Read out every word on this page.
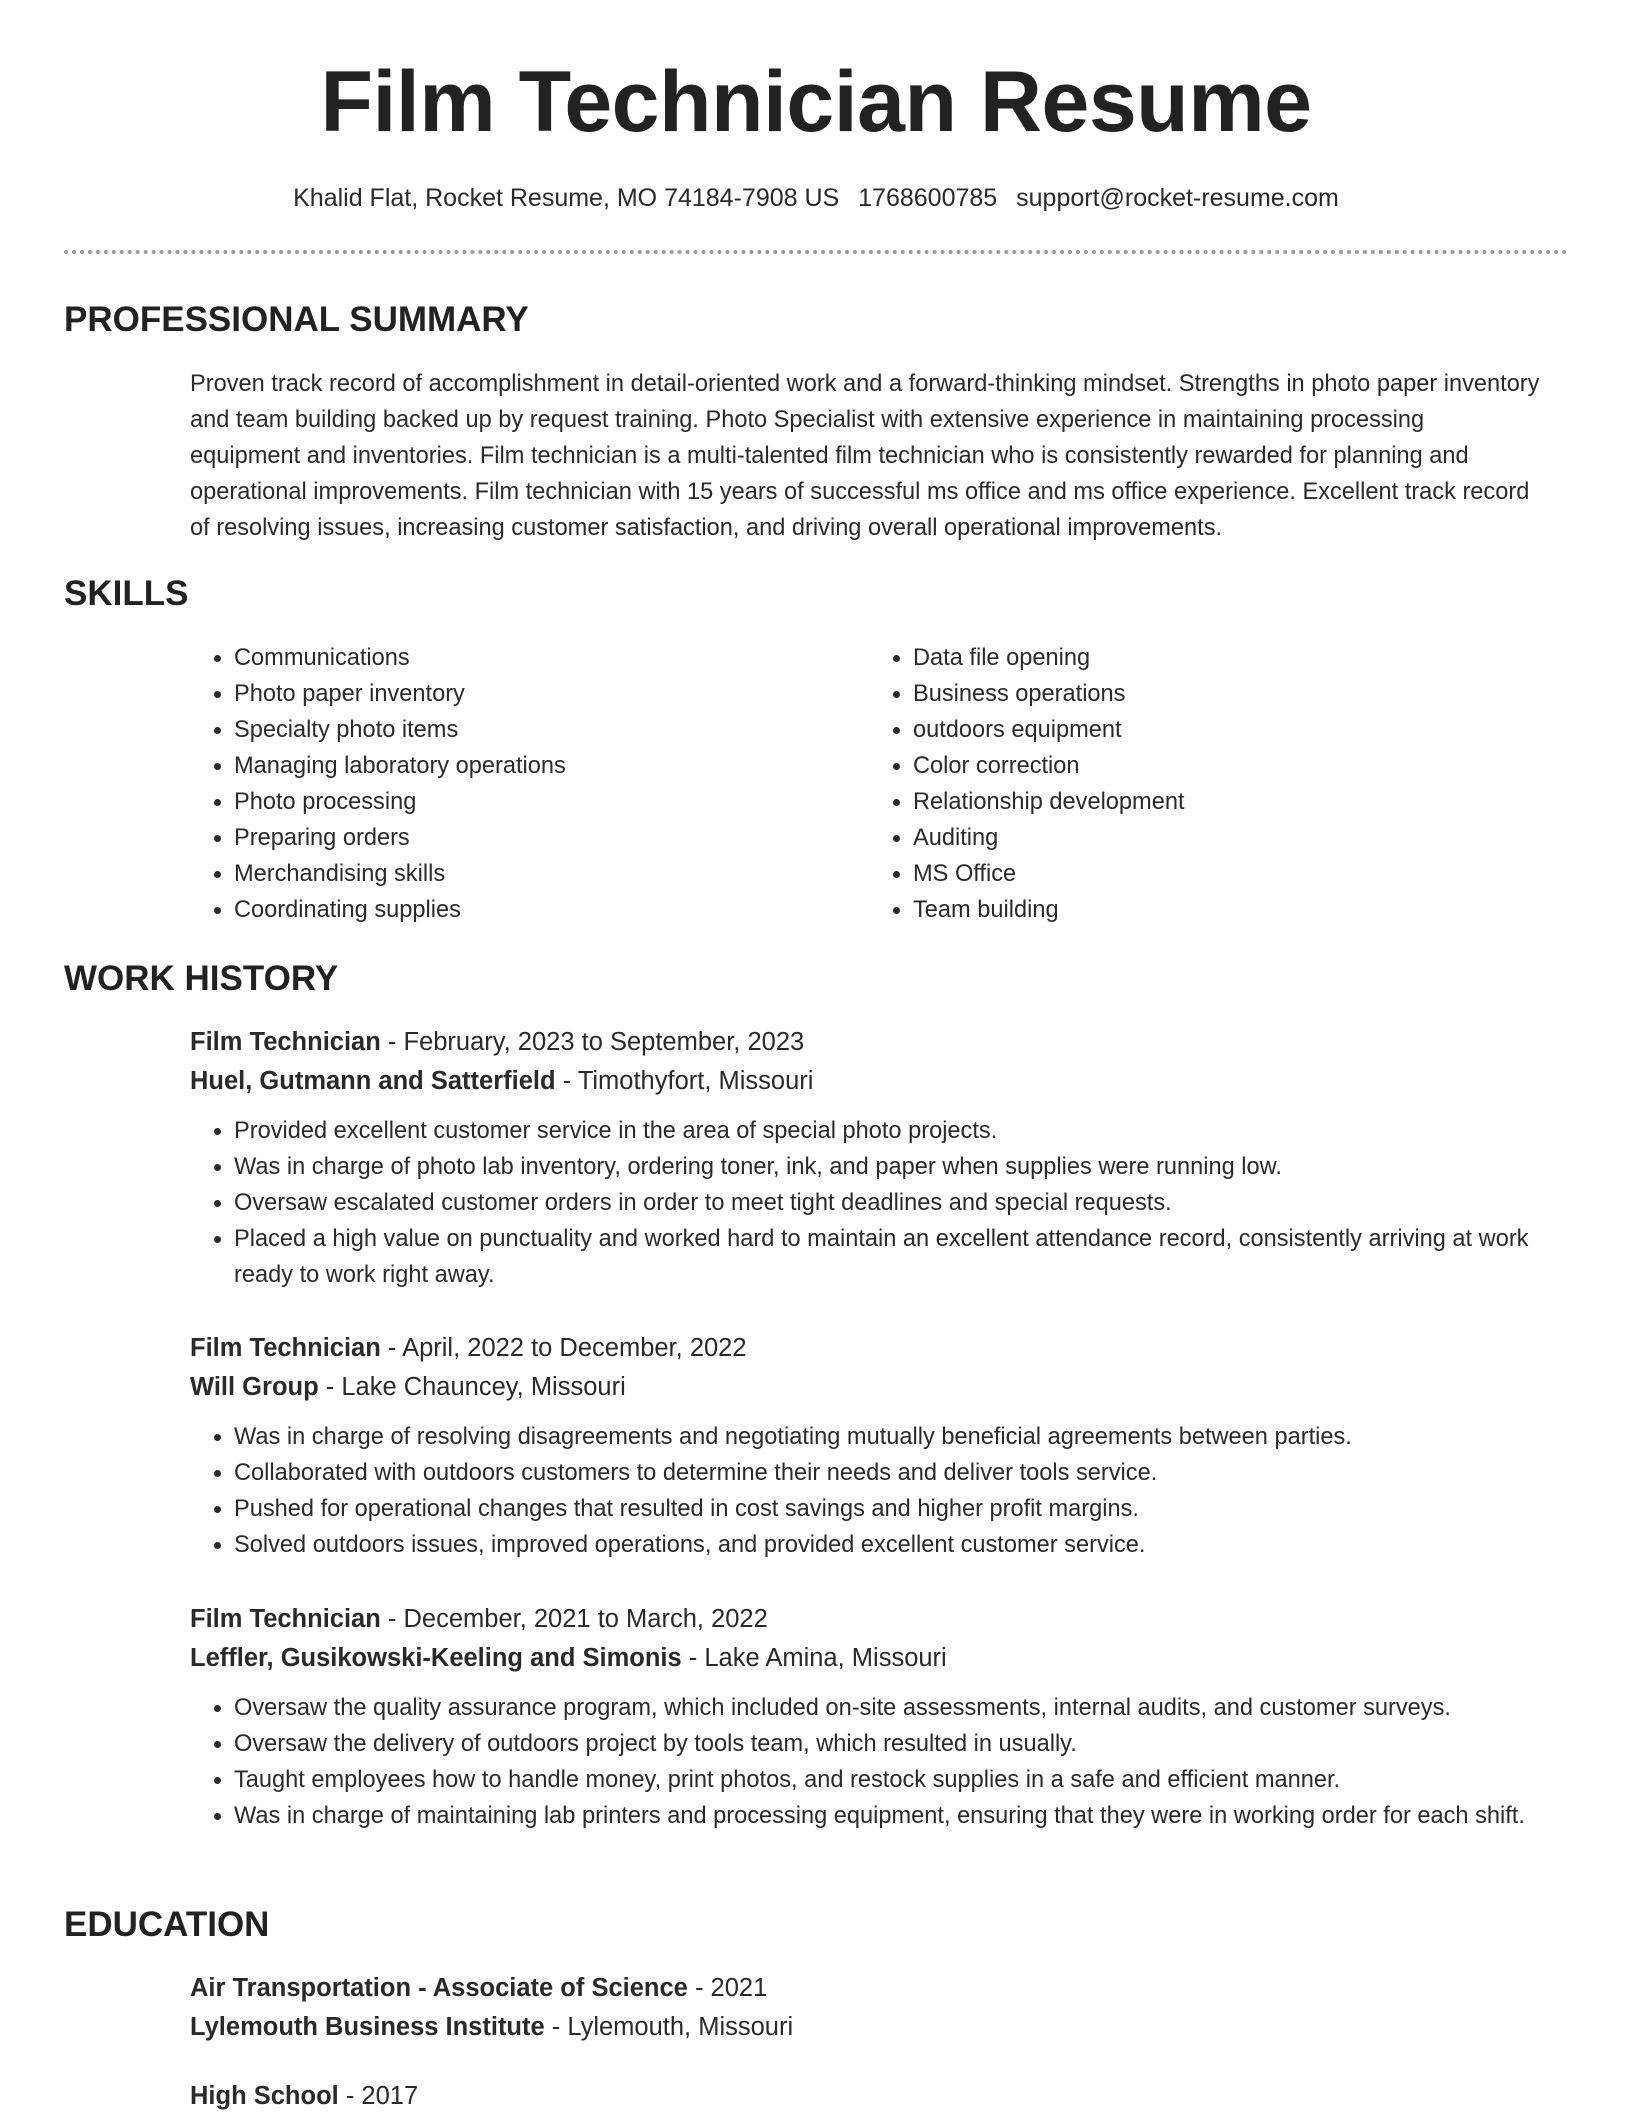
Film Technician Resume
Khalid Flat, Rocket Resume, MO 74184-7908 US 1768600785 support@rocket-resume.com
PROFESSIONAL SUMMARY
Proven track record of accomplishment in detail-oriented work and a forward-thinking mindset. Strengths in photo paper inventory and team building backed up by request training. Photo Specialist with extensive experience in maintaining processing equipment and inventories. Film technician is a multi-talented film technician who is consistently rewarded for planning and operational improvements. Film technician with 15 years of successful ms office and ms office experience. Excellent track record of resolving issues, increasing customer satisfaction, and driving overall operational improvements.
SKILLS
• Communications
• Photo paper inventory
• Specialty photo items
• Managing laboratory operations
• Photo processing
• Preparing orders
• Merchandising skills
• Coordinating supplies
• Data file opening
• Business operations
• outdoors equipment
• Color correction
• Relationship development
• Auditing
• MS Office
• Team building
WORK HISTORY
Film Technician - February, 2023 to September, 2023
Huel, Gutmann and Satterfield - Timothyfort, Missouri
• Provided excellent customer service in the area of special photo projects.
• Was in charge of photo lab inventory, ordering toner, ink, and paper when supplies were running low.
• Oversaw escalated customer orders in order to meet tight deadlines and special requests.
• Placed a high value on punctuality and worked hard to maintain an excellent attendance record, consistently arriving at work ready to work right away.
Film Technician - April, 2022 to December, 2022
Will Group - Lake Chauncey, Missouri
• Was in charge of resolving disagreements and negotiating mutually beneficial agreements between parties.
• Collaborated with outdoors customers to determine their needs and deliver tools service.
• Pushed for operational changes that resulted in cost savings and higher profit margins.
• Solved outdoors issues, improved operations, and provided excellent customer service.
Film Technician - December, 2021 to March, 2022
Leffler, Gusikowski-Keeling and Simonis - Lake Amina, Missouri
• Oversaw the quality assurance program, which included on-site assessments, internal audits, and customer surveys.
• Oversaw the delivery of outdoors project by tools team, which resulted in usually.
• Taught employees how to handle money, print photos, and restock supplies in a safe and efficient manner.
• Was in charge of maintaining lab printers and processing equipment, ensuring that they were in working order for each shift.
EDUCATION
Air Transportation - Associate of Science - 2021
Lylemouth Business Institute - Lylemouth, Missouri
High School - 2017
